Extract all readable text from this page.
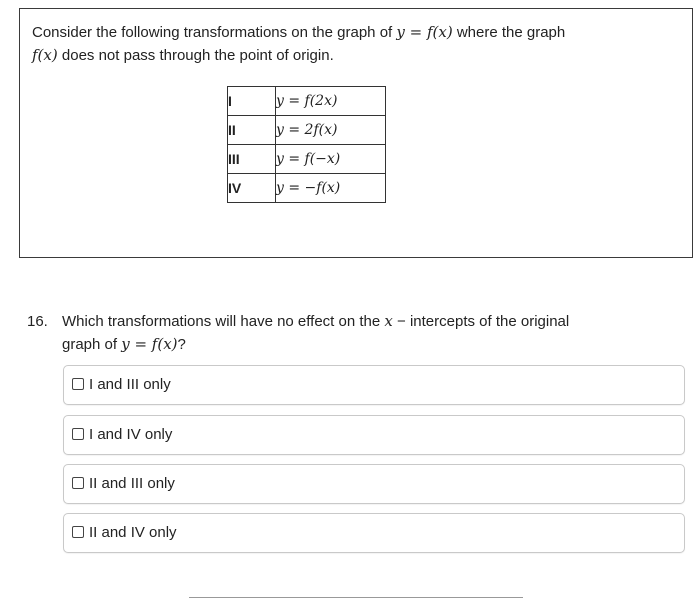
Consider the following transformations on the graph of y = f(x) where the graph
f(x) does not pass through the point of origin.
I	y = f(2x)
II	y = 2f(x)
III	y = f(−x)
IV	y = −f(x)
16. Which transformations will have no effect on the x − intercepts of the original
graph of y = f(x)?
I and III only
I and IV only
II and III only
II and IV only
